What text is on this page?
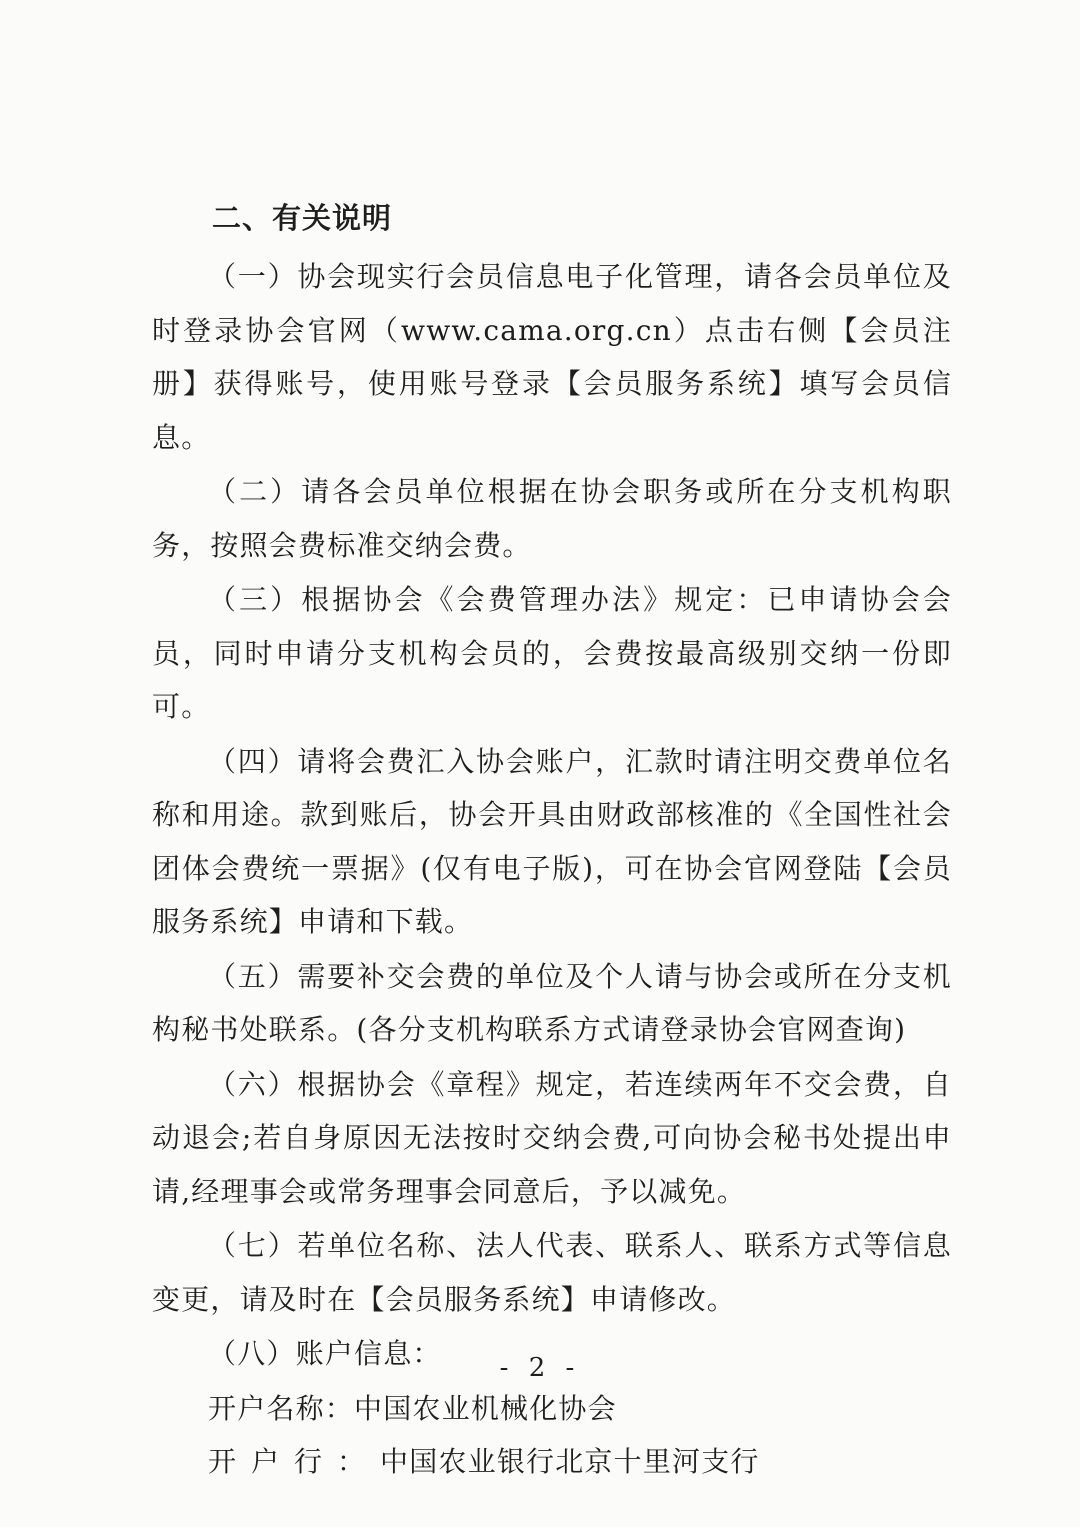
二、有关说明

（一）协会现实行会员信息电子化管理，请各会员单位及时登录协会官网（www.cama.org.cn）点击右侧【会员注册】获得账号，使用账号登录【会员服务系统】填写会员信息。

（二）请各会员单位根据在协会职务或所在分支机构职务，按照会费标准交纳会费。

（三）根据协会《会费管理办法》规定：已申请协会会员，同时申请分支机构会员的，会费按最高级别交纳一份即可。

（四）请将会费汇入协会账户，汇款时请注明交费单位名称和用途。款到账后，协会开具由财政部核准的《全国性社会团体会费统一票据》(仅有电子版)，可在协会官网登陆【会员服务系统】申请和下载。

（五）需要补交会费的单位及个人请与协会或所在分支机构秘书处联系。(各分支机构联系方式请登录协会官网查询)

（六）根据协会《章程》规定，若连续两年不交会费，自动退会;若自身原因无法按时交纳会费,可向协会秘书处提出申请,经理事会或常务理事会同意后，予以减免。

（七）若单位名称、法人代表、联系人、联系方式等信息变更，请及时在【会员服务系统】申请修改。

（八）账户信息：

开户名称：中国农业机械化协会

开户行：中国农业银行北京十里河支行

- 2 -
